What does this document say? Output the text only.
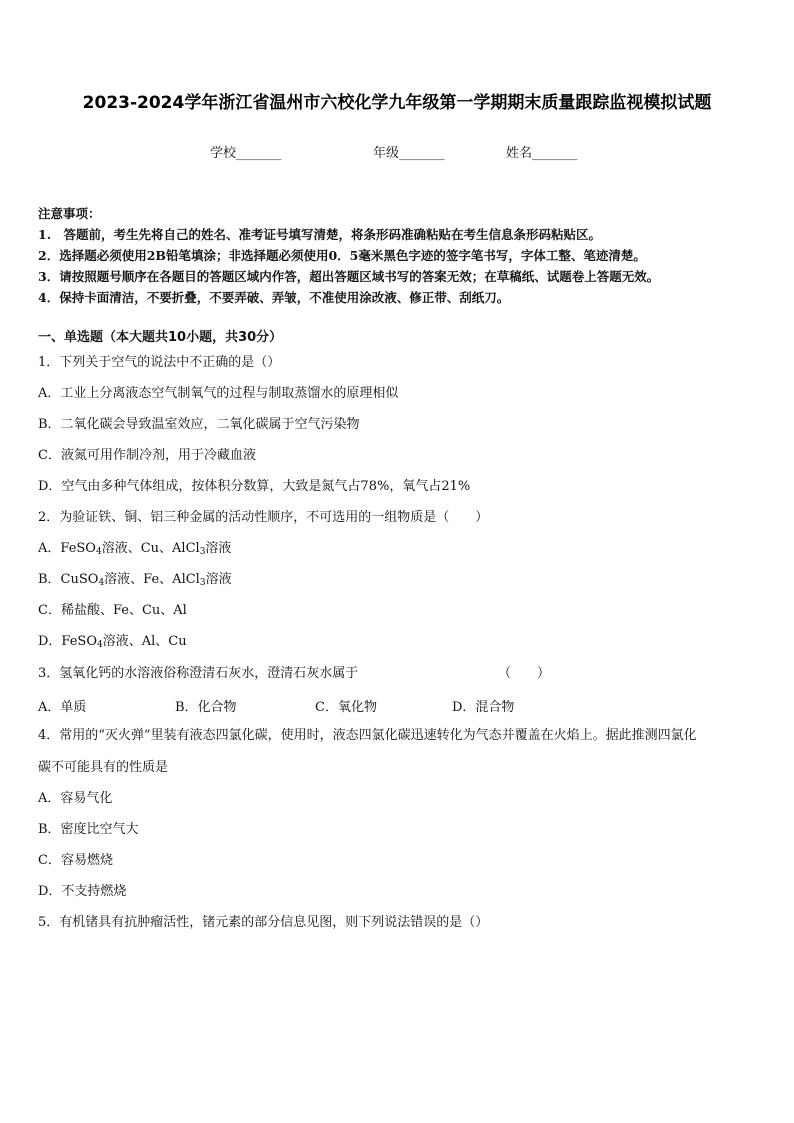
2023-2024学年浙江省温州市六校化学九年级第一学期期末质量跟踪监视模拟试题
学校_______	年级_______	姓名_______
注意事项：
1.　答题前，考生先将自己的姓名、准考证号填写清楚，将条形码准确粘贴在考生信息条形码粘贴区。
2．选择题必须使用2B铅笔填涂；非选择题必须使用0．5毫米黑色字迹的签字笔书写，字体工整、笔迹清楚。
3．请按照题号顺序在各题目的答题区域内作答，超出答题区域书写的答案无效；在草稿纸、试题卷上答题无效。
4．保持卡面清洁，不要折叠，不要弄破、弄皱，不准使用涂改液、修正带、刮纸刀。
一、单选题（本大题共10小题，共30分）
1．下列关于空气的说法中不正确的是（）
A．工业上分离液态空气制氧气的过程与制取蒸馏水的原理相似
B．二氧化碳会导致温室效应，二氧化碳属于空气污染物
C．液氮可用作制冷剂，用于冷藏血液
D．空气由多种气体组成，按体积分数算，大致是氮气占78%，氧气占21%
2．为验证铁、铜、铝三种金属的活动性顺序，不可选用的一组物质是（　　）
A．FeSO$_4$溶液、Cu、AlCl$_3$溶液
B．CuSO$_4$溶液、Fe、AlCl$_3$溶液
C．稀盐酸、Fe、Cu、Al
D．FeSO$_4$溶液、Al、Cu
3．氢氧化钙的水溶液俗称澄清石灰水，澄清石灰水属于	（　　）
A．单质	B．化合物	C．氧化物	D．混合物
4．常用的“灭火弹”里装有液态四氯化碳，使用时，液态四氯化碳迅速转化为气态并覆盖在火焰上。据此推测四氯化
碳不可能具有的性质是
A．容易气化
B．密度比空气大
C．容易燃烧
D．不支持燃烧
5．有机锗具有抗肿瘤活性，锗元素的部分信息见图，则下列说法错误的是（）
